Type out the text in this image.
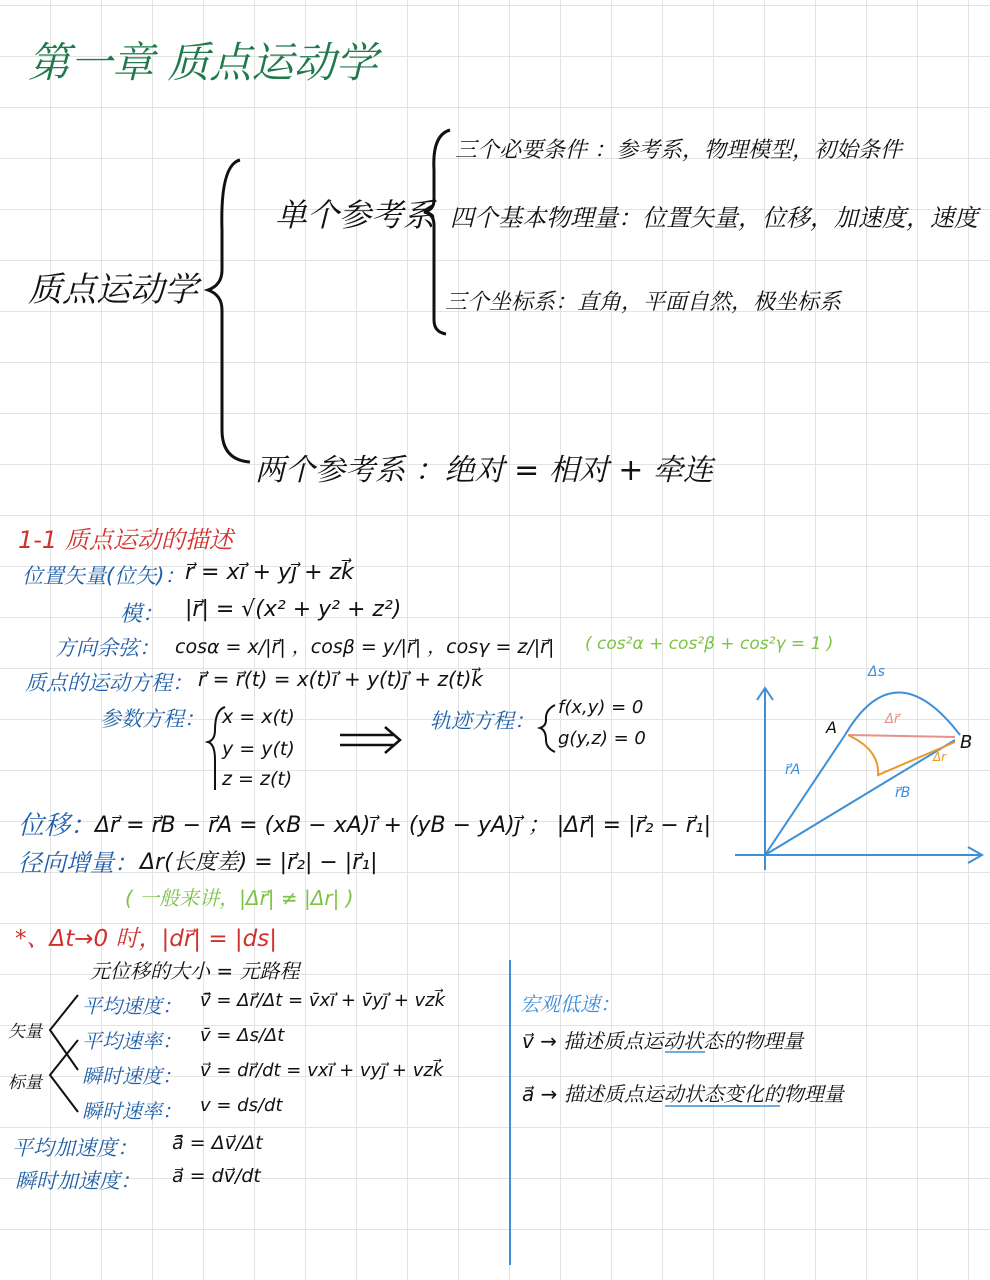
第一章 质点运动学
质点运动学
单个参考系
三个必要条件 ：参考系，物理模型，初始条件
四个基本物理量：位置矢量，位移，加速度，速度
三个坐标系：直角，平面自然，极坐标系
两个参考系 ：绝对 = 相对 + 牵连
1-1 质点运动的描述
位置矢量(位矢)： r⃗ = xi⃗ + yj⃗ + zk⃗
模： |r⃗| = √(x² + y² + z²)
方向余弦： cosα = x/|r⃗| ，cosβ = y/|r⃗| ，cosγ = z/|r⃗| ( cos²α + cos²β + cos²γ = 1 )
质点的运动方程： r⃗ = r⃗(t) = x(t)i⃗ + y(t)j⃗ + z(t)k⃗
参数方程： x = x(t)
y = y(t)
z = z(t)
轨迹方程：
f(x,y) = 0
g(y,z) = 0
位移：
Δr⃗ = r⃗B − r⃗A = (xB − xA)i⃗ + (yB − yA)j⃗ ； |Δr⃗| = |r⃗₂ − r⃗₁|
径向增量： Δr(长度差) = |r⃗₂| − |r⃗₁|
( 一般来讲，|Δr⃗| ≠ |Δr| )
*、Δt→0 时，|dr⃗| = |ds|
元位移的大小 = 元路程
矢量
标量
平均速度： v̄⃗ = Δr⃗/Δt = v̄xi⃗ + v̄yj⃗ + vzk⃗
平均速率： v̄ = Δs/Δt
瞬时速度： v⃗ = dr⃗/dt = vxi⃗ + vyj⃗ + vzk⃗
瞬时速率： v = ds/dt
平均加速度： ā⃗ = Δv⃗/Δt
瞬时加速度： a⃗ = dv⃗/dt
A
B
Δs
Δr⃗
Δr
r⃗A
r⃗B
宏观低速：
v⃗ → 描述质点运动状态的物理量
a⃗ → 描述质点运动状态变化的物理量
